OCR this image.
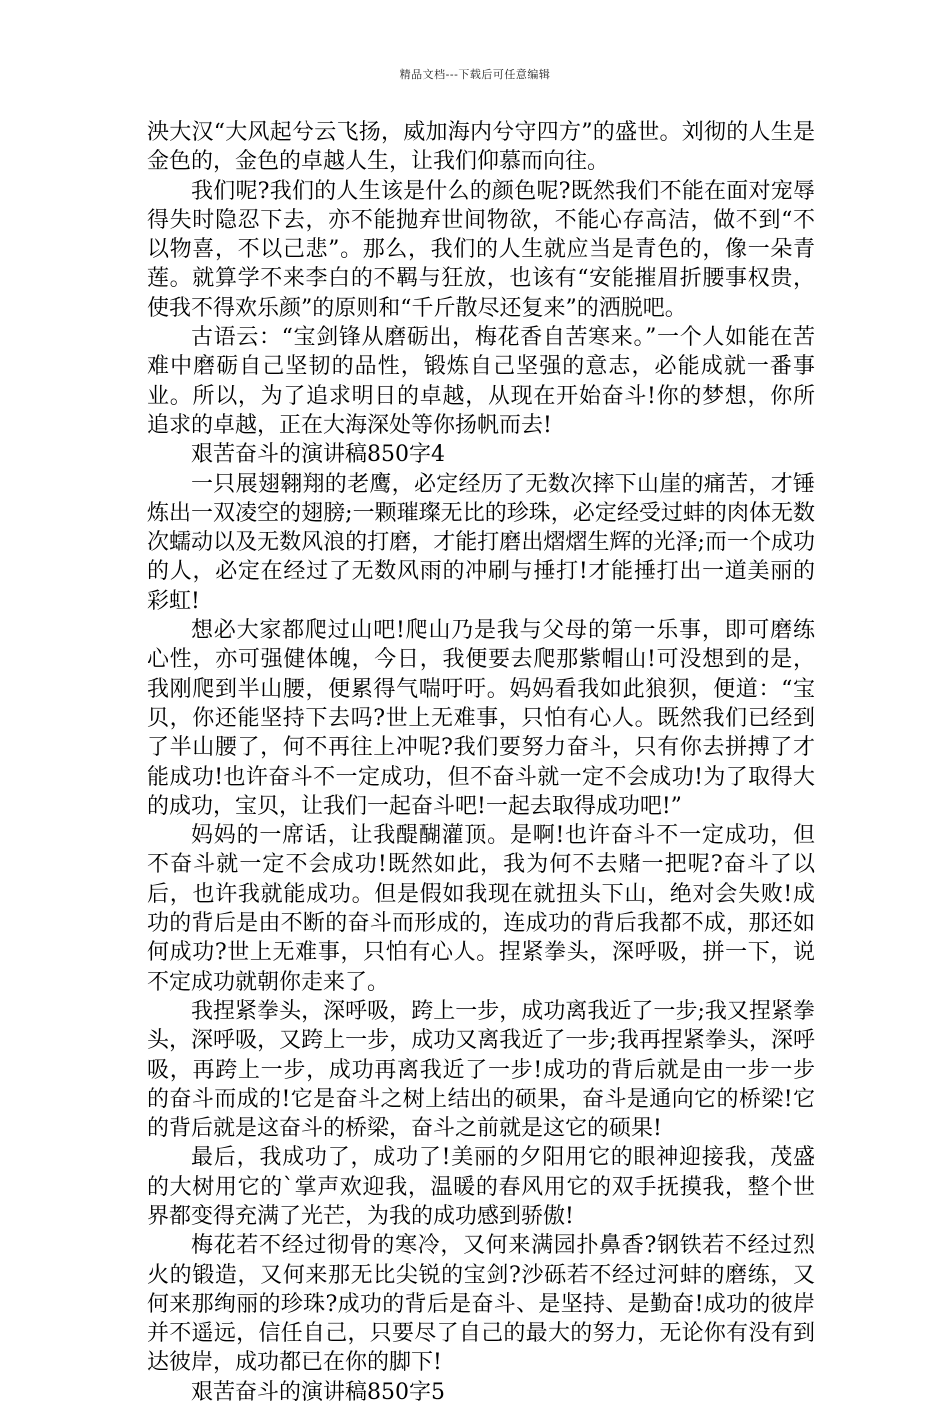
精品文档---下载后可任意编辑

泱大汉“大风起兮云飞扬，威加海内兮守四方”的盛世。刘彻的人生是金色的，金色的卓越人生，让我们仰慕而向往。

我们呢?我们的人生该是什么的颜色呢?既然我们不能在面对宠辱得失时隐忍下去，亦不能抛弃世间物欲，不能心存高洁，做不到“不以物喜，不以己悲”。那么，我们的人生就应当是青色的，像一朵青莲。就算学不来李白的不羁与狂放，也该有“安能摧眉折腰事权贵，使我不得欢乐颜”的原则和“千斤散尽还复来”的洒脱吧。

古语云：“宝剑锋从磨砺出，梅花香自苦寒来。”一个人如能在苦难中磨砺自己坚韧的品性，锻炼自己坚强的意志，必能成就一番事业。所以，为了追求明日的卓越，从现在开始奋斗!你的梦想，你所追求的卓越，正在大海深处等你扬帆而去!

艰苦奋斗的演讲稿850字4

一只展翅翱翔的老鹰，必定经历了无数次摔下山崖的痛苦，才锤炼出一双凌空的翅膀;一颗璀璨无比的珍珠，必定经受过蚌的肉体无数次蠕动以及无数风浪的打磨，才能打磨出熠熠生辉的光泽;而一个成功的人，必定在经过了无数风雨的冲刷与捶打!才能捶打出一道美丽的彩虹!

想必大家都爬过山吧!爬山乃是我与父母的第一乐事，即可磨练心性，亦可强健体魄，今日，我便要去爬那紫帽山!可没想到的是，我刚爬到半山腰，便累得气喘吁吁。妈妈看我如此狼狈，便道：“宝贝，你还能坚持下去吗?世上无难事，只怕有心人。既然我们已经到了半山腰了，何不再往上冲呢?我们要努力奋斗，只有你去拼搏了才能成功!也许奋斗不一定成功，但不奋斗就一定不会成功!为了取得大的成功，宝贝，让我们一起奋斗吧!一起去取得成功吧!”

妈妈的一席话，让我醍醐灌顶。是啊!也许奋斗不一定成功，但不奋斗就一定不会成功!既然如此，我为何不去赌一把呢?奋斗了以后，也许我就能成功。但是假如我现在就扭头下山，绝对会失败!成功的背后是由不断的奋斗而形成的，连成功的背后我都不成，那还如何成功?世上无难事，只怕有心人。捏紧拳头，深呼吸，拼一下，说不定成功就朝你走来了。

我捏紧拳头，深呼吸，跨上一步，成功离我近了一步;我又捏紧拳头，深呼吸，又跨上一步，成功又离我近了一步;我再捏紧拳头，深呼吸，再跨上一步，成功再离我近了一步!成功的背后就是由一步一步的奋斗而成的!它是奋斗之树上结出的硕果，奋斗是通向它的桥梁!它的背后就是这奋斗的桥梁，奋斗之前就是这它的硕果!

最后，我成功了，成功了!美丽的夕阳用它的眼神迎接我，茂盛的大树用它的`掌声欢迎我，温暖的春风用它的双手抚摸我，整个世界都变得充满了光芒，为我的成功感到骄傲!

梅花若不经过彻骨的寒冷，又何来满园扑鼻香?钢铁若不经过烈火的锻造，又何来那无比尖锐的宝剑?沙砾若不经过河蚌的磨练，又何来那绚丽的珍珠?成功的背后是奋斗、是坚持、是勤奋!成功的彼岸并不遥远，信任自己，只要尽了自己的最大的努力，无论你有没有到达彼岸，成功都已在你的脚下!

艰苦奋斗的演讲稿850字5
